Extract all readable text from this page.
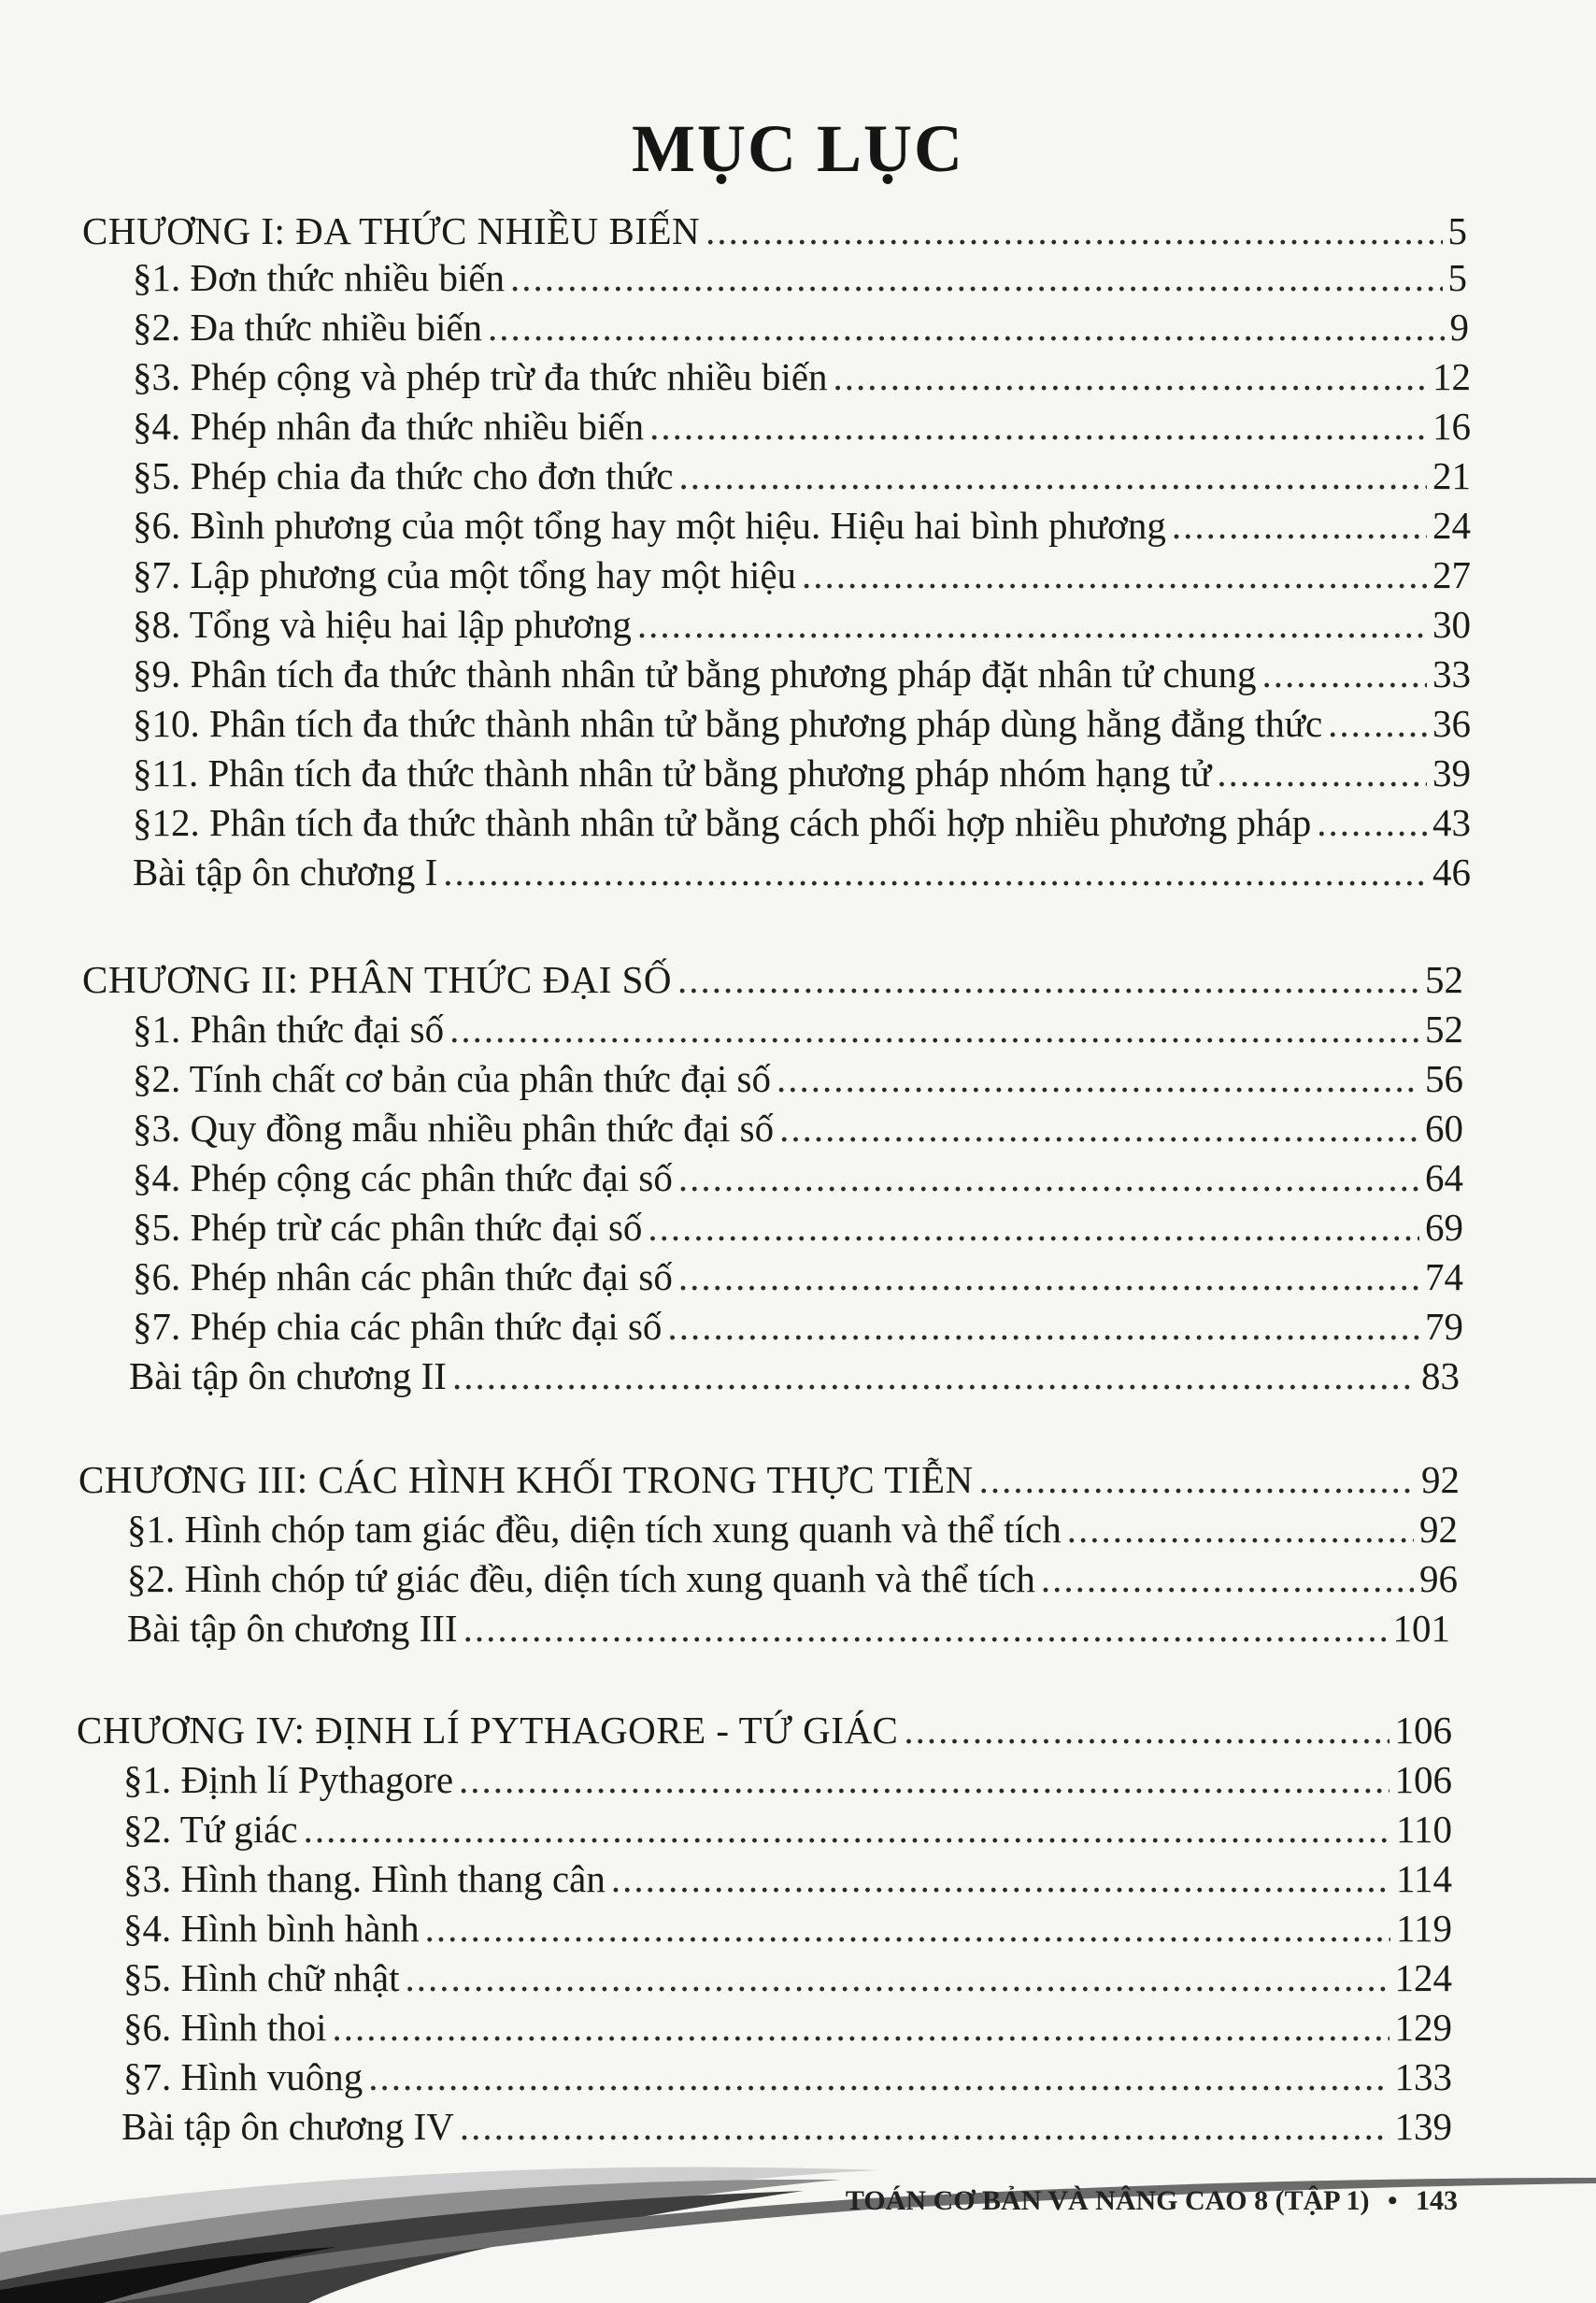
MỤC LỤC
CHƯƠNG I: ĐA THỨC NHIỀU BIẾN .....	5
§1. Đơn thức nhiều biến .....	5
§2. Đa thức nhiều biến .....	9
§3. Phép cộng và phép trừ đa thức nhiều biến .....	12
§4. Phép nhân đa thức nhiều biến .....	16
§5. Phép chia đa thức cho đơn thức .....	21
§6. Bình phương của một tổng hay một hiệu. Hiệu hai bình phương .....	24
§7. Lập phương của một tổng hay một hiệu .....	27
§8. Tổng và hiệu hai lập phương .....	30
§9. Phân tích đa thức thành nhân tử bằng phương pháp đặt nhân tử chung .....	33
§10. Phân tích đa thức thành nhân tử bằng phương pháp dùng hằng đẳng thức .....	36
§11. Phân tích đa thức thành nhân tử bằng phương pháp nhóm hạng tử .....	39
§12. Phân tích đa thức thành nhân tử bằng cách phối hợp nhiều phương pháp .....	43
Bài tập ôn chương I .....	46
CHƯƠNG II: PHÂN THỨC ĐẠI SỐ .....	52
§1. Phân thức đại số .....	52
§2. Tính chất cơ bản của phân thức đại số .....	56
§3. Quy đồng mẫu nhiều phân thức đại số .....	60
§4. Phép cộng các phân thức đại số .....	64
§5. Phép trừ các phân thức đại số .....	69
§6. Phép nhân các phân thức đại số .....	74
§7. Phép chia các phân thức đại số .....	79
Bài tập ôn chương II .....	83
CHƯƠNG III: CÁC HÌNH KHỐI TRONG THỰC TIỄN .....	92
§1. Hình chóp tam giác đều, diện tích xung quanh và thể tích .....	92
§2. Hình chóp tứ giác đều, diện tích xung quanh và thể tích .....	96
Bài tập ôn chương III .....	101
CHƯƠNG IV: ĐỊNH LÍ PYTHAGORE - TỨ GIÁC .....	106
§1. Định lí Pythagore .....	106
§2. Tứ giác .....	110
§3. Hình thang. Hình thang cân .....	114
§4. Hình bình hành .....	119
§5. Hình chữ nhật .....	124
§6. Hình thoi .....	129
§7. Hình vuông .....	133
Bài tập ôn chương IV .....	139
TOÁN CƠ BẢN VÀ NÂNG CAO 8 (TẬP 1) • 143
